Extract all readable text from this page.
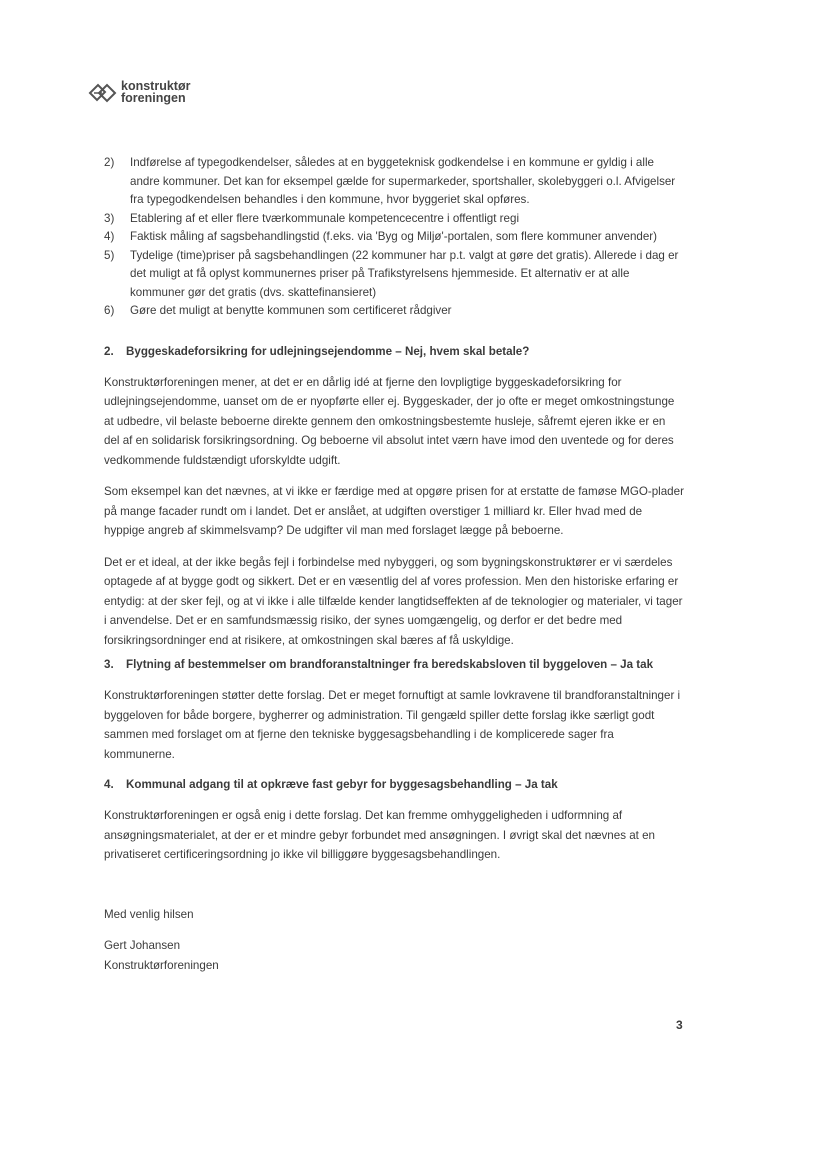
konstruktør
foreningen
2) Indførelse af typegodkendelser, således at en byggeteknisk godkendelse i en kommune er gyldig i alle andre kommuner. Det kan for eksempel gælde for supermarkeder, sportshaller, skolebyggeri o.l. Afvigelser fra typegodkendelsen behandles i den kommune, hvor byggeriet skal opføres.
3) Etablering af et eller flere tværkommunale kompetencecentre i offentligt regi
4) Faktisk måling af sagsbehandlingstid (f.eks. via 'Byg og Miljø'-portalen, som flere kommuner anvender)
5) Tydelige (time)priser på sagsbehandlingen (22 kommuner har p.t. valgt at gøre det gratis). Allerede i dag er det muligt at få oplyst kommunernes priser på Trafikstyrelsens hjemmeside. Et alternativ er at alle kommuner gør det gratis (dvs. skattefinansieret)
6) Gøre det muligt at benytte kommunen som certificeret rådgiver
2. Byggeskadeforsikring for udlejningsejendomme – Nej, hvem skal betale?

Konstruktørforeningen mener, at det er en dårlig idé at fjerne den lovpligtige byggeskadeforsikring for udlejningsejendomme, uanset om de er nyopførte eller ej. Byggeskader, der jo ofte er meget omkostningstunge at udbedre, vil belaste beboerne direkte gennem den omkostningsbestemte husleje, såfremt ejeren ikke er en del af en solidarisk forsikringsordning. Og beboerne vil absolut intet værn have imod den uventede og for deres vedkommende fuldstændigt uforskyldte udgift.

Som eksempel kan det nævnes, at vi ikke er færdige med at opgøre prisen for at erstatte de famøse MGO-plader på mange facader rundt om i landet. Det er anslået, at udgiften overstiger 1 milliard kr. Eller hvad med de hyppige angreb af skimmelsvamp? De udgifter vil man med forslaget lægge på beboerne.

Det er et ideal, at der ikke begås fejl i forbindelse med nybyggeri, og som bygningskonstruktører er vi særdeles optagede af at bygge godt og sikkert. Det er en væsentlig del af vores profession. Men den historiske erfaring er entydig: at der sker fejl, og at vi ikke i alle tilfælde kender langtidseffekten af de teknologier og materialer, vi tager i anvendelse. Det er en samfundsmæssig risiko, der synes uomgængelig, og derfor er det bedre med forsikringsordninger end at risikere, at omkostningen skal bæres af få uskyldige.

3. Flytning af bestemmelser om brandforanstaltninger fra beredskabsloven til byggeloven – Ja tak

Konstruktørforeningen støtter dette forslag. Det er meget fornuftigt at samle lovkravene til brandforanstaltninger i byggeloven for både borgere, bygherrer og administration. Til gengæld spiller dette forslag ikke særligt godt sammen med forslaget om at fjerne den tekniske byggesagsbehandling i de komplicerede sager fra kommunerne.

4. Kommunal adgang til at opkræve fast gebyr for byggesagsbehandling – Ja tak

Konstruktørforeningen er også enig i dette forslag. Det kan fremme omhyggeligheden i udformning af ansøgningsmaterialet, at der er et mindre gebyr forbundet med ansøgningen. I øvrigt skal det nævnes at en privatiseret certificeringsordning jo ikke vil billiggøre byggesagsbehandlingen.

Med venlig hilsen

Gert Johansen

Konstruktørforeningen

3
